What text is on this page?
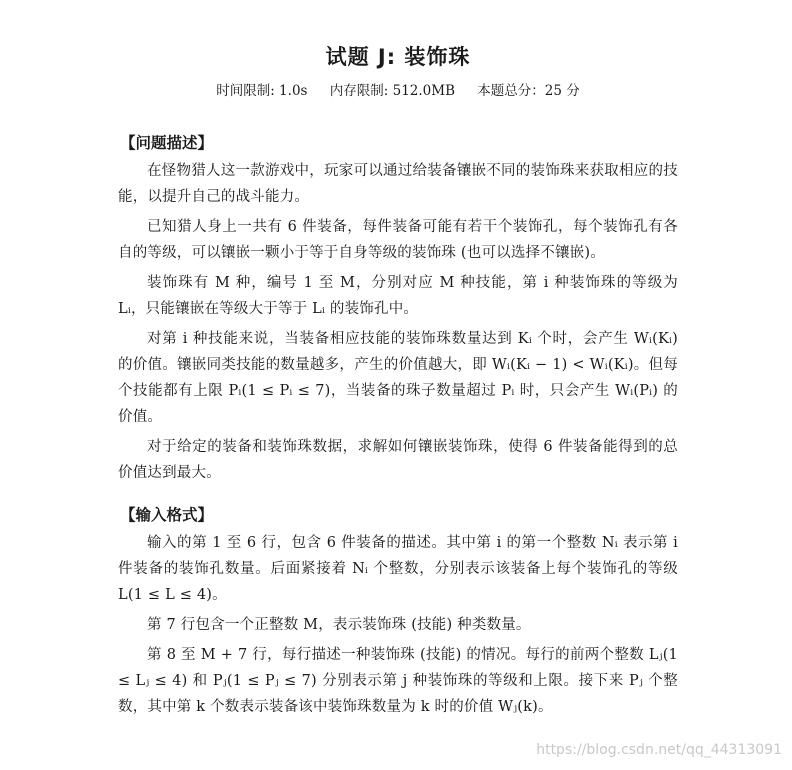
试题 J: 装饰珠
时间限制: 1.0s 内存限制: 512.0MB 本题总分：25 分
【问题描述】

在怪物猎人这一款游戏中，玩家可以通过给装备镶嵌不同的装饰珠来获取相应的技能，以提升自己的战斗能力。

已知猎人身上一共有 6 件装备，每件装备可能有若干个装饰孔，每个装饰孔有各自的等级，可以镶嵌一颗小于等于自身等级的装饰珠 (也可以选择不镶嵌)。

装饰珠有 M 种，编号 1 至 M，分别对应 M 种技能，第 i 种装饰珠的等级为 Lᵢ，只能镶嵌在等级大于等于 Lᵢ 的装饰孔中。

对第 i 种技能来说，当装备相应技能的装饰珠数量达到 Kᵢ 个时，会产生 Wᵢ(Kᵢ) 的价值。镶嵌同类技能的数量越多，产生的价值越大，即 Wᵢ(Kᵢ − 1) < Wᵢ(Kᵢ)。但每个技能都有上限 Pᵢ(1 ≤ Pᵢ ≤ 7)，当装备的珠子数量超过 Pᵢ 时，只会产生 Wᵢ(Pᵢ) 的价值。

对于给定的装备和装饰珠数据，求解如何镶嵌装饰珠，使得 6 件装备能得到的总价值达到最大。

【输入格式】

输入的第 1 至 6 行，包含 6 件装备的描述。其中第 i 的第一个整数 Nᵢ 表示第 i 件装备的装饰孔数量。后面紧接着 Nᵢ 个整数，分别表示该装备上每个装饰孔的等级 L(1 ≤ L ≤ 4)。

第 7 行包含一个正整数 M，表示装饰珠 (技能) 种类数量。

第 8 至 M + 7 行，每行描述一种装饰珠 (技能) 的情况。每行的前两个整数 Lⱼ(1 ≤ Lⱼ ≤ 4) 和 Pⱼ(1 ≤ Pⱼ ≤ 7) 分别表示第 j 种装饰珠的等级和上限。接下来 Pⱼ 个整数，其中第 k 个数表示装备该中装饰珠数量为 k 时的价值 Wⱼ(k)。

https://blog.csdn.net/qq_44313091
